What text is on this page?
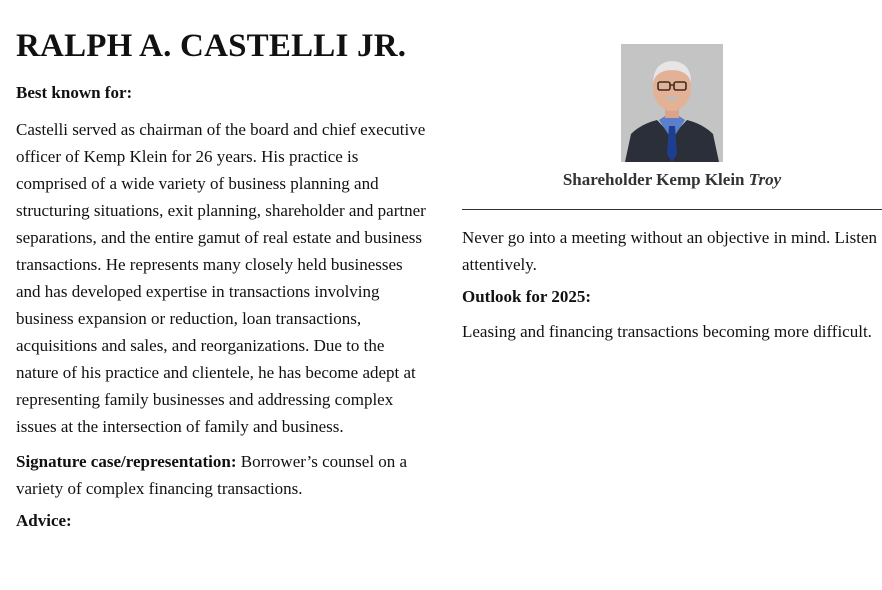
RALPH A. CASTELLI JR.
Best known for:

Castelli served as chairman of the board and chief executive officer of Kemp Klein for 26 years. His practice is comprised of a wide variety of business planning and structuring situations, exit planning, shareholder and partner separations, and the entire gamut of real estate and business transactions. He represents many closely held businesses and has developed expertise in transactions involving business expansion or reduction, loan transactions, acquisitions and sales, and reorganizations. Due to the nature of his practice and clientele, he has become adept at representing family businesses and addressing complex issues at the intersection of family and business.

Signature case/representation: Borrower’s counsel on a variety of complex financing transactions.

Advice:
Shareholder Kemp Klein Troy

Never go into a meeting without an objective in mind. Listen attentively.

Outlook for 2025:

Leasing and financing transactions becoming more difficult.
